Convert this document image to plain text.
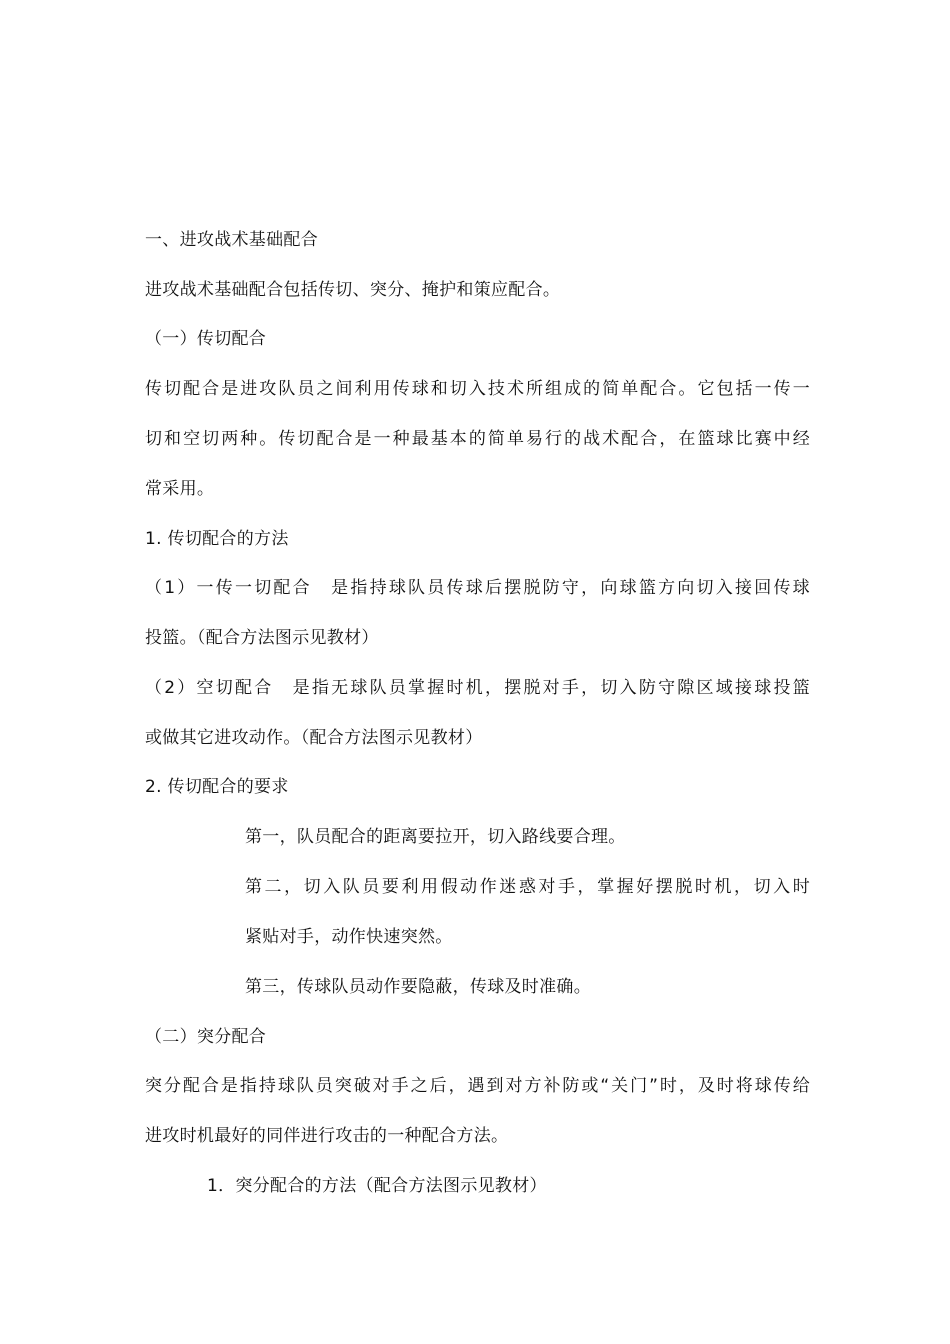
一、进攻战术基础配合
进攻战术基础配合包括传切、突分、掩护和策应配合。
（一）传切配合
传切配合是进攻队员之间利用传球和切入技术所组成的简单配合。它包括一传一
切和空切两种。传切配合是一种最基本的简单易行的战术配合，在篮球比赛中经
常采用。
1. 传切配合的方法
（1）一传一切配合　是指持球队员传球后摆脱防守，向球篮方向切入接回传球
投篮。（配合方法图示见教材）
（2）空切配合　是指无球队员掌握时机，摆脱对手，切入防守隙区域接球投篮
或做其它进攻动作。（配合方法图示见教材）
2. 传切配合的要求
第一，队员配合的距离要拉开，切入路线要合理。
第二，切入队员要利用假动作迷惑对手，掌握好摆脱时机，切入时
紧贴对手，动作快速突然。
第三，传球队员动作要隐蔽，传球及时准确。
（二）突分配合
突分配合是指持球队员突破对手之后，遇到对方补防或“关门”时，及时将球传给
进攻时机最好的同伴进行攻击的一种配合方法。
1．突分配合的方法（配合方法图示见教材）
